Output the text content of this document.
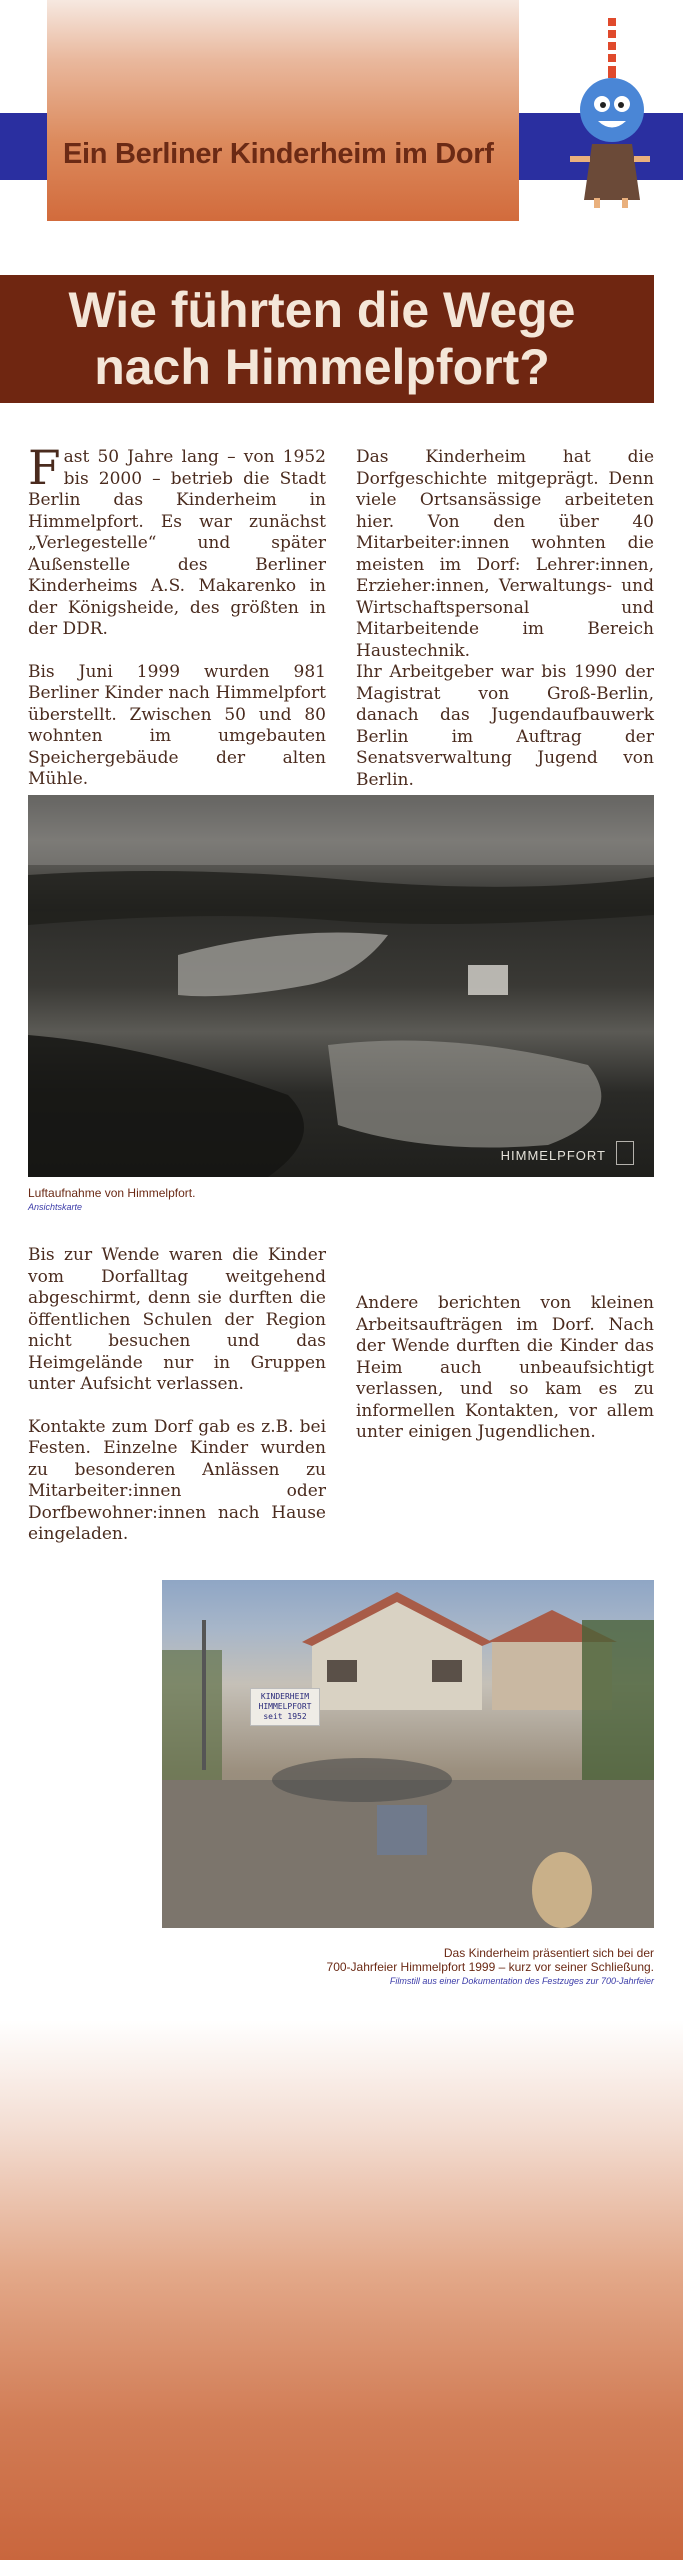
Ein Berliner Kinderheim im Dorf
Wie führten die Wege
nach Himmelpfort?

Fast 50 Jahre lang – von 1952 bis 2000 – betrieb die Stadt Berlin das Kinderheim in Himmelpfort. Es war zunächst „Verlegestelle“ und später Außenstelle des Berliner Kinderheims A.S. Makarenko in der Königsheide, des größten in der DDR.

Bis Juni 1999 wurden 981 Berliner Kinder nach Himmelpfort überstellt. Zwischen 50 und 80 wohnten im umgebauten Speichergebäude der alten Mühle.

Das Kinderheim hat die Dorfgeschichte mitgeprägt. Denn viele Ortsansässige arbeiteten hier. Von den über 40 Mitarbeiter:innen wohnten die meisten im Dorf: Lehrer:innen, Erzieher:innen, Verwaltungs- und Wirtschaftspersonal und Mitarbeitende im Bereich Haustechnik.

Ihr Arbeitgeber war bis 1990 der Magistrat von Groß-Berlin, danach das Jugendaufbauwerk Berlin im Auftrag der Senatsverwaltung Jugend von Berlin.

HIMMELPFORT
Luftaufnahme von Himmelpfort.
Ansichtskarte

Bis zur Wende waren die Kinder vom Dorfalltag weitgehend abgeschirmt, denn sie durften die öffentlichen Schulen der Region nicht besuchen und das Heimgelände nur in Gruppen unter Aufsicht verlassen.

Kontakte zum Dorf gab es z.B. bei Festen. Einzelne Kinder wurden zu besonderen Anlässen zu Mitarbeiter:innen oder Dorfbewohner:innen nach Hause eingeladen.

Andere berichten von kleinen Arbeitsaufträgen im Dorf. Nach der Wende durften die Kinder das Heim auch unbeaufsichtigt verlassen, und so kam es zu informellen Kontakten, vor allem unter einigen Jugendlichen.

KINDERHEIM
HIMMELPFORT
seit 1952
Das Kinderheim präsentiert sich bei der
700-Jahrfeier Himmelpfort 1999 – kurz vor seiner Schließung.
Filmstill aus einer Dokumentation des Festzuges zur 700-Jahrfeier
